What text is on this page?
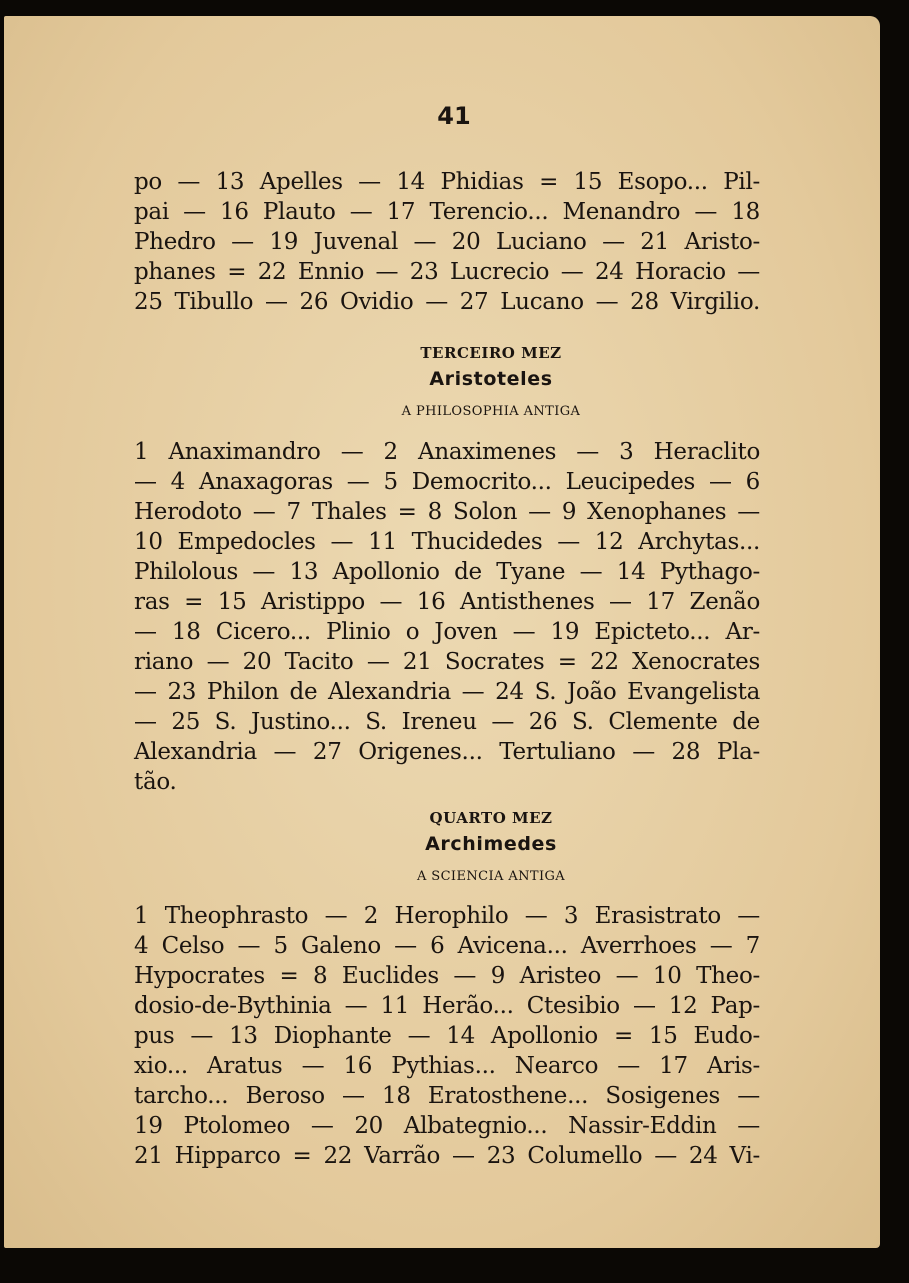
41
po — 13 Apelles — 14 Phidias = 15 Esopo... Pil-
pai — 16 Plauto — 17 Terencio... Menandro — 18
Phedro — 19 Juvenal — 20 Luciano — 21 Aristo-
phanes = 22 Ennio — 23 Lucrecio — 24 Horacio —
25 Tibullo — 26 Ovidio — 27 Lucano — 28 Virgilio.
TERCEIRO MEZ
Aristoteles
A PHILOSOPHIA ANTIGA
1 Anaximandro — 2 Anaximenes — 3 Heraclito
— 4 Anaxagoras — 5 Democrito... Leucipedes — 6
Herodoto — 7 Thales = 8 Solon — 9 Xenophanes —
10 Empedocles — 11 Thucidedes — 12 Archytas...
Philolous — 13 Apollonio de Tyane — 14 Pythago-
ras = 15 Aristippo — 16 Antisthenes — 17 Zenão
— 18 Cicero... Plinio o Joven — 19 Epicteto... Ar-
riano — 20 Tacito — 21 Socrates = 22 Xenocrates
— 23 Philon de Alexandria — 24 S. João Evangelista
— 25 S. Justino... S. Ireneu — 26 S. Clemente de
Alexandria — 27 Origenes... Tertuliano — 28 Pla-
tão.
QUARTO MEZ
Archimedes
A SCIENCIA ANTIGA
1 Theophrasto — 2 Herophilo — 3 Erasistrato —
4 Celso — 5 Galeno — 6 Avicena... Averrhoes — 7
Hypocrates = 8 Euclides — 9 Aristeo — 10 Theo-
dosio-de-Bythinia — 11 Herão... Ctesibio — 12 Pap-
pus — 13 Diophante — 14 Apollonio = 15 Eudo-
xio... Aratus — 16 Pythias... Nearco — 17 Aris-
tarcho... Beroso — 18 Eratosthene... Sosigenes —
19 Ptolomeo — 20 Albategnio... Nassir-Eddin —
21 Hipparco = 22 Varrão — 23 Columello — 24 Vi-
